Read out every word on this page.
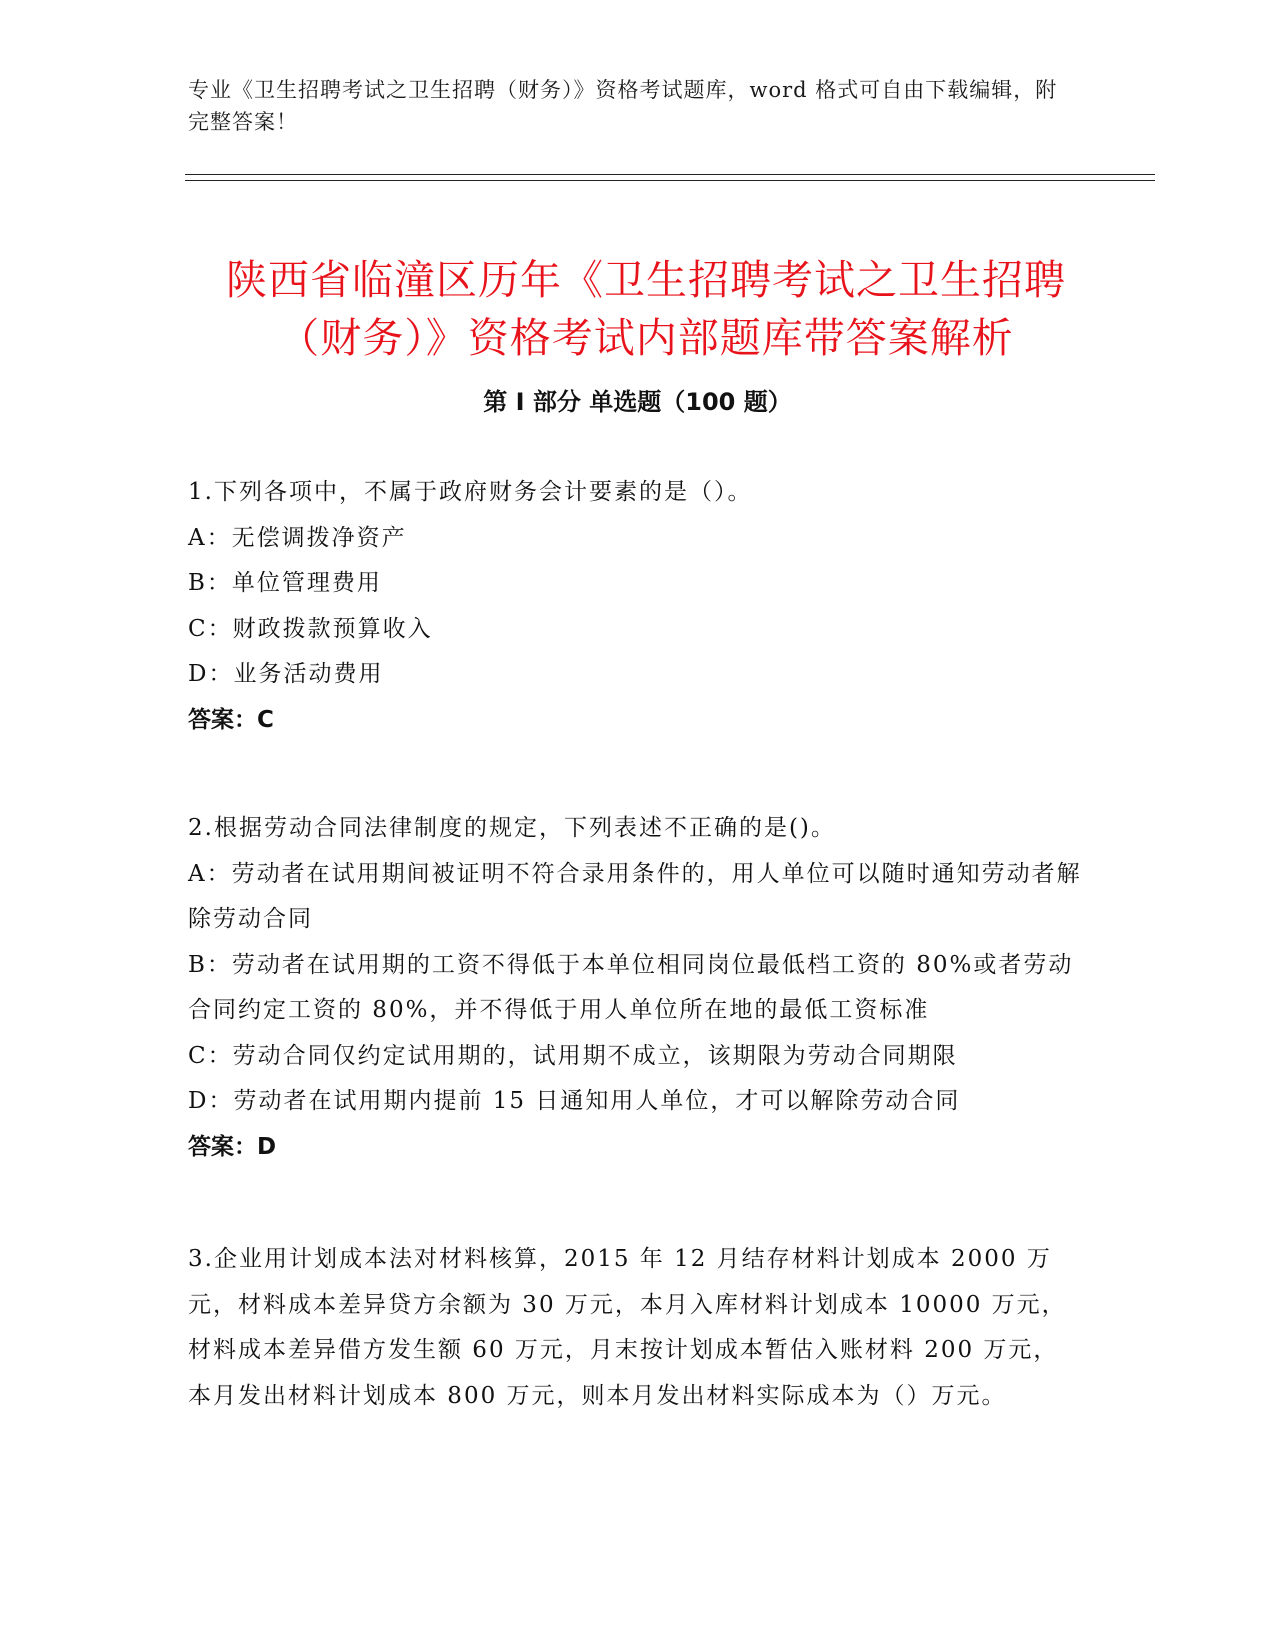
专业《卫生招聘考试之卫生招聘（财务）》资格考试题库，word 格式可自由下载编辑，附完整答案！
陕西省临潼区历年《卫生招聘考试之卫生招聘（财务）》资格考试内部题库带答案解析
第 I 部分 单选题（100 题）

1.下列各项中，不属于政府财务会计要素的是（）。

A：无偿调拨净资产

B：单位管理费用

C：财政拨款预算收入

D：业务活动费用

答案：C

2.根据劳动合同法律制度的规定，下列表述不正确的是()。

A：劳动者在试用期间被证明不符合录用条件的，用人单位可以随时通知劳动者解除劳动合同

B：劳动者在试用期的工资不得低于本单位相同岗位最低档工资的 80%或者劳动合同约定工资的 80%，并不得低于用人单位所在地的最低工资标准

C：劳动合同仅约定试用期的，试用期不成立，该期限为劳动合同期限

D：劳动者在试用期内提前 15 日通知用人单位，才可以解除劳动合同

答案：D

3.企业用计划成本法对材料核算，2015 年 12 月结存材料计划成本 2000 万元，材料成本差异贷方余额为 30 万元，本月入库材料计划成本 10000 万元，材料成本差异借方发生额 60 万元，月末按计划成本暂估入账材料 200 万元，本月发出材料计划成本 800 万元，则本月发出材料实际成本为（）万元。
